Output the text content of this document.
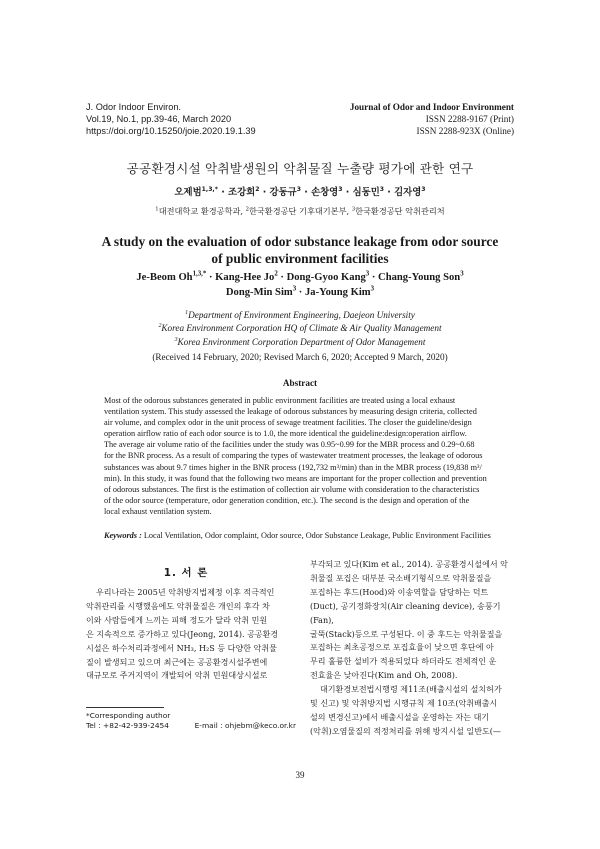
J. Odor Indoor Environ.
Vol.19, No.1, pp.39-46, March 2020
https://doi.org/10.15250/joie.2020.19.1.39
Journal of Odor and Indoor Environment
ISSN 2288-9167 (Print)
ISSN 2288-923X (Online)
공공환경시설 악취발생원의 악취물질 누출량 평가에 관한 연구
오제범$^{1,3,*}$ · 조강희$^2$ · 강동규$^3$ · 손창영$^3$ · 심동민$^3$ · 김자영$^3$
$^1$대전대학교 환경공학과, $^2$한국환경공단 기후대기본부, $^3$한국환경공단 악취관리처
A study on the evaluation of odor substance leakage from odor source
of public environment facilities
Je-Beom $Oh^{1,3,*}$ · Kang-Hee $Jo^2$ · Dong-Gyoo Kang$^3$ · Chang-Young Son$^3$
Dong-Min Sim$^3$ · Ja-Young Kim$^3$
$^1$Department of Environment Engineering, Daejeon University
$^2$Korea Environment Corporation HQ of Climate & Air Quality Management
$^3$Korea Environment Corporation Department of Odor Management
(Received 14 February, 2020; Revised March 6, 2020; Accepted 9 March, 2020)
Abstract
Most of the odorous substances generated in public environment facilities are treated using a local exhaust
ventilation system. This study assessed the leakage of odorous substances by measuring design criteria, collected
air volume, and complex odor in the unit process of sewage treatment facilities. The closer the guideline/design
operation airflow ratio of each odor source is to 1.0, the more identical the guideline:design:operation airflow.
The average air volume ratio of the facilities under the study was 0.95~0.99 for the MBR process and 0.29~0.68
for the BNR process. As a result of comparing the types of wastewater treatment processes, the leakage of odorous
substances was about 9.7 times higher in the BNR process (192,732 m³/min) than in the MBR process (19,838 m³/
min). In this study, it was found that the following two means are important for the proper collection and prevention
of odorous substances. The first is the estimation of collection air volume with consideration to the characteristics
of the odor source (temperature, odor generation condition, etc.). The second is the design and operation of the
local exhaust ventilation system.
Keywords : Local Ventilation, Odor complaint, Odor source, Odor Substance Leakage, Public Environment Facilities
1. 서 론
우리나라는 2005년 악취방지법제정 이후 적극적인
악취관리를 시행했음에도 악취물질은 개인의 후각 차
이와 사람들에게 느끼는 피해 정도가 달라 악취 민원
은 지속적으로 증가하고 있다(Jeong, 2014). 공공환경
시설은 하수처리과정에서 NH₃, H₂S 등 다양한 악취물
질이 발생되고 있으며 최근에는 공공환경시설주변에
대규모로 주거지역이 개발되어 악취 민원대상시설로
부각되고 있다(Kim et al., 2014). 공공환경시설에서 악
취물질 포집은 대부분 국소배기형식으로 악취물질을
포집하는 후드(Hood)와 이송역할을 담당하는 덕트
(Duct), 공기정화장치(Air cleaning device), 송풍기(Fan),
굴뚝(Stack)등으로 구성된다. 이 중 후드는 악취물질을
포집하는 최초공정으로 포집효율이 낮으면 후단에 아
무리 훌륭한 설비가 적용되었다 하더라도 전체적인 운
전효율은 낮아진다(Kim and Oh, 2008).
대기환경보전법시행령 제11조(배출시설의 설치허가
및 신고) 및 악취방지법 시행규칙 제 10조(악취배출시
설의 변경신고)에서 배출시설을 운영하는 자는 대기
(악취)오염물질의 적정처리를 위해 방지시설 일반도(—
*Corresponding author
Tel : +82-42-939-2454	E-mail : ohjebm@keco.or.kr
39
